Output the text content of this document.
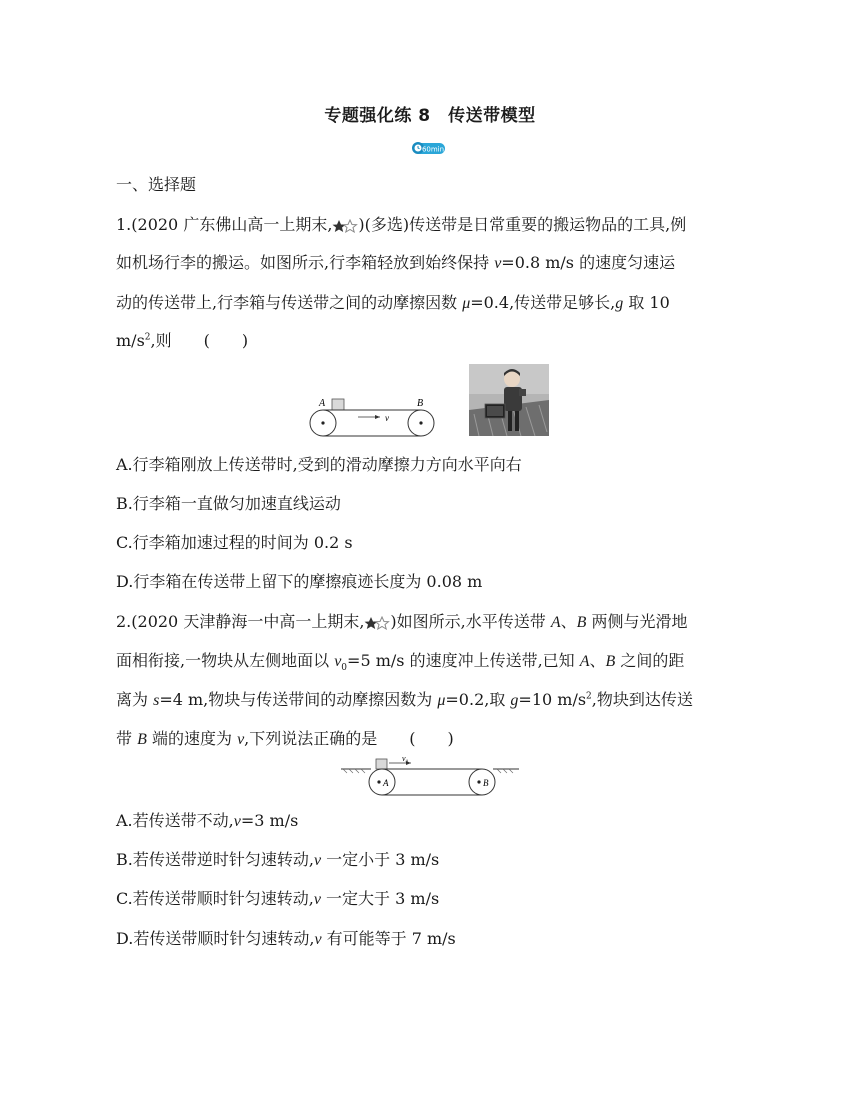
专题强化练 8　传送带模型
60min
一、选择题
1.(2020 广东佛山高一上期末, )(多选)传送带是日常重要的搬运物品的工具,例
如机场行李的搬运。如图所示,行李箱轻放到始终保持 v=0.8 m/s 的速度匀速运
动的传送带上,行李箱与传送带之间的动摩擦因数 μ=0.4,传送带足够长,g 取 10
$m/s^2$,则　　(　　)
A	B
v
A.行李箱刚放上传送带时,受到的滑动摩擦力方向水平向右
B.行李箱一直做匀加速直线运动
C.行李箱加速过程的时间为 0.2 s
D.行李箱在传送带上留下的摩擦痕迹长度为 0.08 m
2.(2020 天津静海一中高一上期末, )如图所示,水平传送带 A、B 两侧与光滑地
面相衔接,一物块从左侧地面以 $v_0=5$ m/s 的速度冲上传送带,已知 A、B 之间的距
离为 s=4 m,物块与传送带间的动摩擦因数为 μ=0.2,取 g=10 $m/s^2$,物块到达传送
带 B 端的速度为 v,下列说法正确的是　　(　　)
v₀
A	B
A.若传送带不动,v=3 m/s
B.若传送带逆时针匀速转动,v 一定小于 3 m/s
C.若传送带顺时针匀速转动,v 一定大于 3 m/s
D.若传送带顺时针匀速转动,v 有可能等于 7 m/s
